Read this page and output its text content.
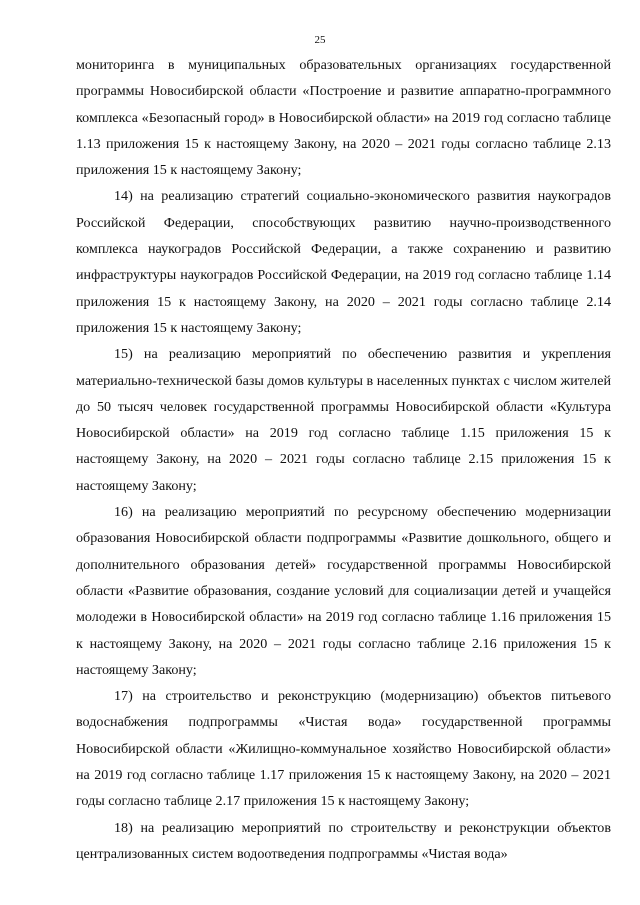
25

мониторинга в муниципальных образовательных организациях государственной программы Новосибирской области «Построение и развитие аппаратно-программного комплекса «Безопасный город» в Новосибирской области» на 2019 год согласно таблице 1.13 приложения 15 к настоящему Закону, на 2020 – 2021 годы согласно таблице 2.13 приложения 15 к настоящему Закону;

14) на реализацию стратегий социально-экономического развития наукоградов Российской Федерации, способствующих развитию научно-производственного комплекса наукоградов Российской Федерации, а также сохранению и развитию инфраструктуры наукоградов Российской Федерации, на 2019 год согласно таблице 1.14 приложения 15 к настоящему Закону, на 2020 – 2021 годы согласно таблице 2.14 приложения 15 к настоящему Закону;

15) на реализацию мероприятий по обеспечению развития и укрепления материально-технической базы домов культуры в населенных пунктах с числом жителей до 50 тысяч человек государственной программы Новосибирской области «Культура Новосибирской области» на 2019 год согласно таблице 1.15 приложения 15 к настоящему Закону, на 2020 – 2021 годы согласно таблице 2.15 приложения 15 к настоящему Закону;

16) на реализацию мероприятий по ресурсному обеспечению модернизации образования Новосибирской области подпрограммы «Развитие дошкольного, общего и дополнительного образования детей» государственной программы Новосибирской области «Развитие образования, создание условий для социализации детей и учащейся молодежи в Новосибирской области» на 2019 год согласно таблице 1.16 приложения 15 к настоящему Закону, на 2020 – 2021 годы согласно таблице 2.16 приложения 15 к настоящему Закону;

17) на строительство и реконструкцию (модернизацию) объектов питьевого водоснабжения подпрограммы «Чистая вода» государственной программы Новосибирской области «Жилищно-коммунальное хозяйство Новосибирской области» на 2019 год согласно таблице 1.17 приложения 15 к настоящему Закону, на 2020 – 2021 годы согласно таблице 2.17 приложения 15 к настоящему Закону;

18) на реализацию мероприятий по строительству и реконструкции объектов централизованных систем водоотведения подпрограммы «Чистая вода»
